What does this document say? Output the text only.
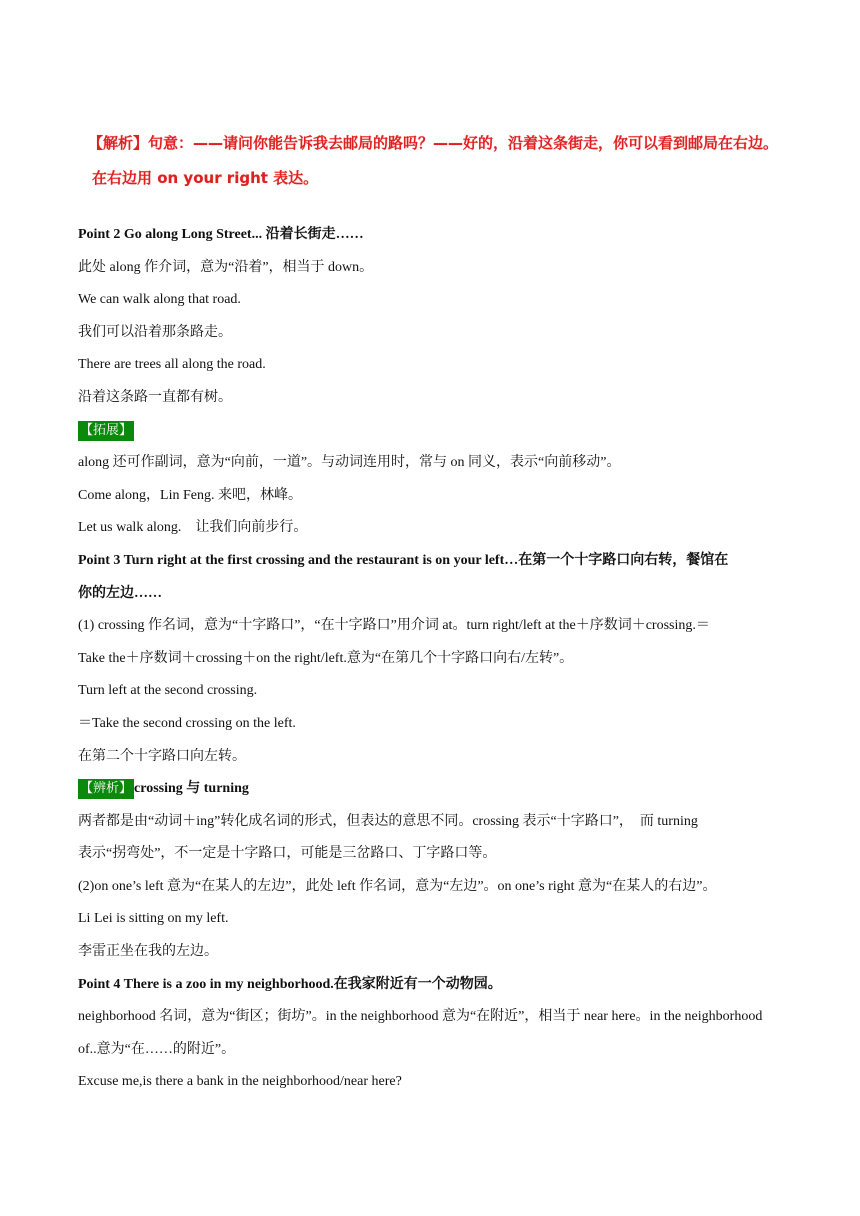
【解析】句意：——请问你能告诉我去邮局的路吗？——好的，沿着这条街走，你可以看到邮局在右边。
在右边用 on your right 表达。
Point 2 Go along Long Street... 沿着长街走……
此处 along 作介词，意为“沿着”，相当于 down。
We can walk along that road.
我们可以沿着那条路走。
There are trees all along the road.
沿着这条路一直都有树。
【拓展】
along 还可作副词，意为“向前，一道”。与动词连用时，常与 on 同义，表示“向前移动”。
Come along，Lin Feng. 来吧，林峰。
Let us walk along.    让我们向前步行。
Point 3 Turn right at the first crossing and the restaurant is on your left…在第一个十字路口向右转，餐馆在
你的左边……
(1) crossing 作名词，意为“十字路口”，“在十字路口”用介词 at。turn right/left at the＋序数词＋crossing.＝
Take the＋序数词＋crossing＋on the right/left.意为“在第几个十字路口向右/左转”。
Turn left at the second crossing.
＝Take the second crossing on the left.
在第二个十字路口向左转。
【辨析】 crossing 与 turning
两者都是由“动词＋ing”转化成名词的形式，但表达的意思不同。crossing 表示“十字路口”，  而 turning
表示“拐弯处”，不一定是十字路口，可能是三岔路口、丁字路口等。
(2)on one’s left 意为“在某人的左边”，此处 left 作名词，意为“左边”。on one’s right 意为“在某人的右边”。
Li Lei is sitting on my left.
李雷正坐在我的左边。
Point 4 There is a zoo in my neighborhood.在我家附近有一个动物园。
neighborhood 名词，意为“街区；街坊”。in the neighborhood 意为“在附近”，相当于 near here。in the neighborhood
of..意为“在……的附近”。
Excuse me,is there a bank in the neighborhood/near here?
